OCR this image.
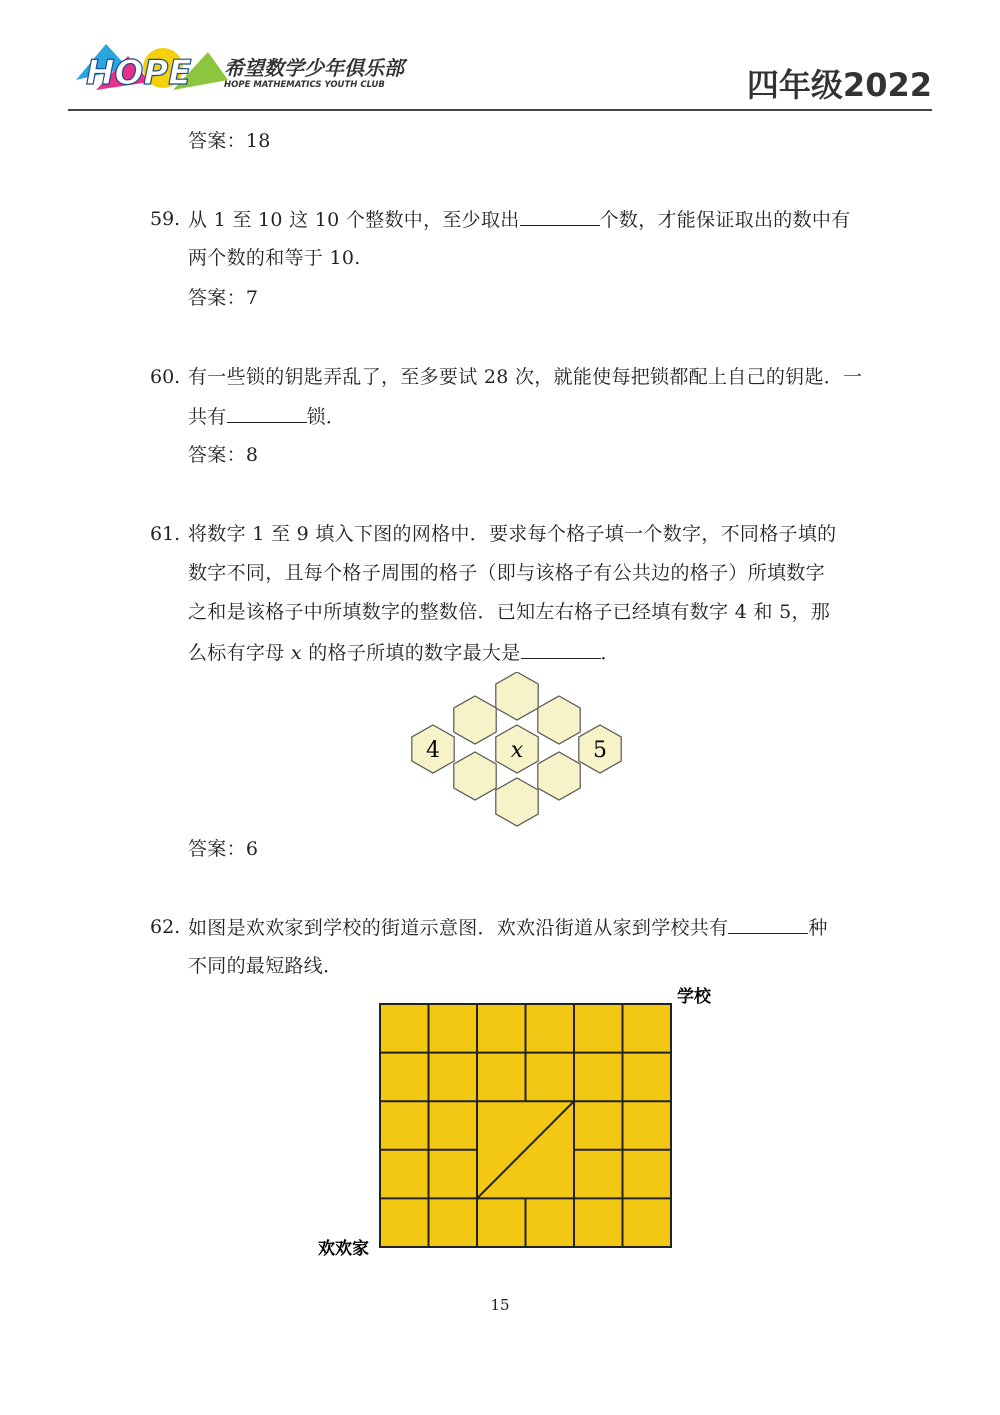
HOPE 希望数学少年俱乐部
HOPE MATHEMATICS YOUTH CLUB	四年级2022
答案：18
59. 从 1 至 10 这 10 个整数中，至少取出	个数，才能保证取出的数中有
两个数的和等于 10.
答案：7
60. 有一些锁的钥匙弄乱了，至多要试 28 次，就能使每把锁都配上自己的钥匙．一
共有	锁．
答案：8
61. 将数字 1 至 9 填入下图的网格中．要求每个格子填一个数字，不同格子填的
数字不同，且每个格子周围的格子（即与该格子有公共边的格子）所填数字
之和是该格子中所填数字的整数倍．已知左右格子已经填有数字 4 和 5，那
么标有字母 x 的格子所填的数字最大是	．
4	x	5
答案：6
62. 如图是欢欢家到学校的街道示意图．欢欢沿街道从家到学校共有	种
不同的最短路线．
学校
欢欢家
15
